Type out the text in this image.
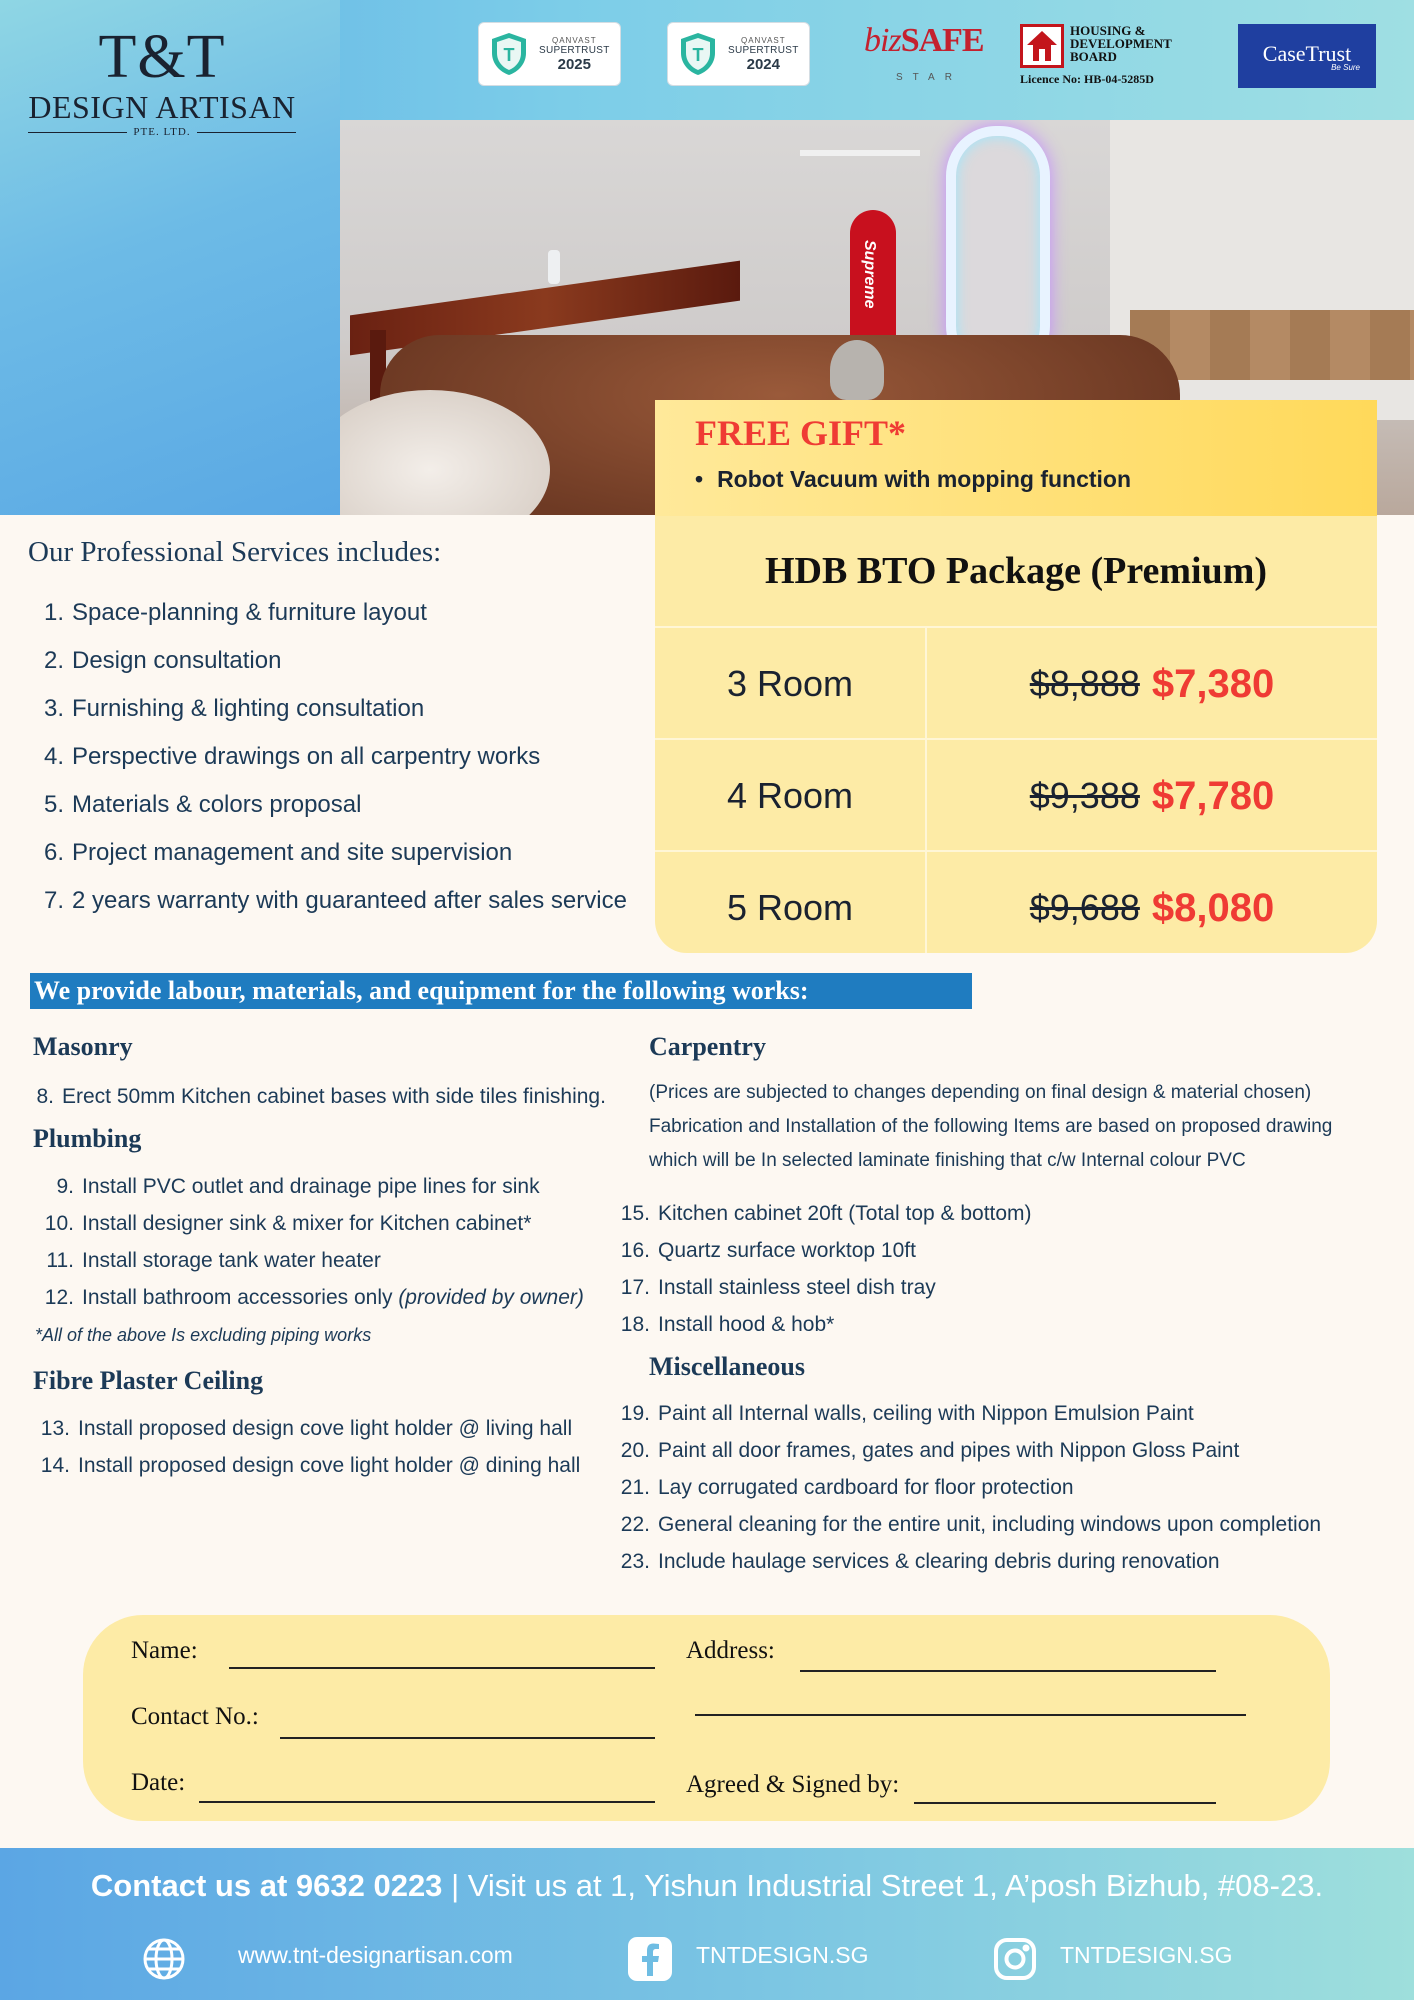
T&T
DESIGN ARTISAN
PTE. LTD.
T
QANVAST
SUPERTRUST
2025	T
QANVAST
SUPERTRUST
2024
bizSAFE
STAR
HOUSING & DEVELOPMENT BOARD
Licence No: HB-04-5285D
CaseTrust
Be Sure
Supreme
FREE GIFT*
• Robot Vacuum with mopping function
HDB BTO Package (Premium)
3 Room	$8,888 $7,380
4 Room	$9,388 $7,780
5 Room	$9,688 $8,080
Our Professional Services includes:
1. Space-planning & furniture layout
2. Design consultation
3. Furnishing & lighting consultation
4. Perspective drawings on all carpentry works
5. Materials & colors proposal
6. Project management and site supervision
7. 2 years warranty with guaranteed after sales service
We provide labour, materials, and equipment for the following works:
Masonry
8. Erect 50mm Kitchen cabinet bases with side tiles finishing.
Plumbing
9. Install PVC outlet and drainage pipe lines for sink
10. Install designer sink & mixer for Kitchen cabinet*
11. Install storage tank water heater
12. Install bathroom accessories only (provided by owner)
*All of the above Is excluding piping works
Fibre Plaster Ceiling
13. Install proposed design cove light holder @ living hall
14. Install proposed design cove light holder @ dining hall
Carpentry
(Prices are subjected to changes depending on final design & material chosen)
Fabrication and Installation of the following Items are based on proposed drawing
which will be In selected laminate finishing that c/w Internal colour PVC
15. Kitchen cabinet 20ft (Total top & bottom)
16. Quartz surface worktop 10ft
17. Install stainless steel dish tray
18. Install hood & hob*
Miscellaneous
19. Paint all Internal walls, ceiling with Nippon Emulsion Paint
20. Paint all door frames, gates and pipes with Nippon Gloss Paint
21. Lay corrugated cardboard for floor protection
22. General cleaning for the entire unit, including windows upon completion
23. Include haulage services & clearing debris during renovation
Name:
Contact No.:
Date:
Address:
Agreed & Signed by:
Contact us at 9632 0223 | Visit us at 1, Yishun Industrial Street 1, A’posh Bizhub, #08-23.
www.tnt-designartisan.com	TNTDESIGN.SG	TNTDESIGN.SG
